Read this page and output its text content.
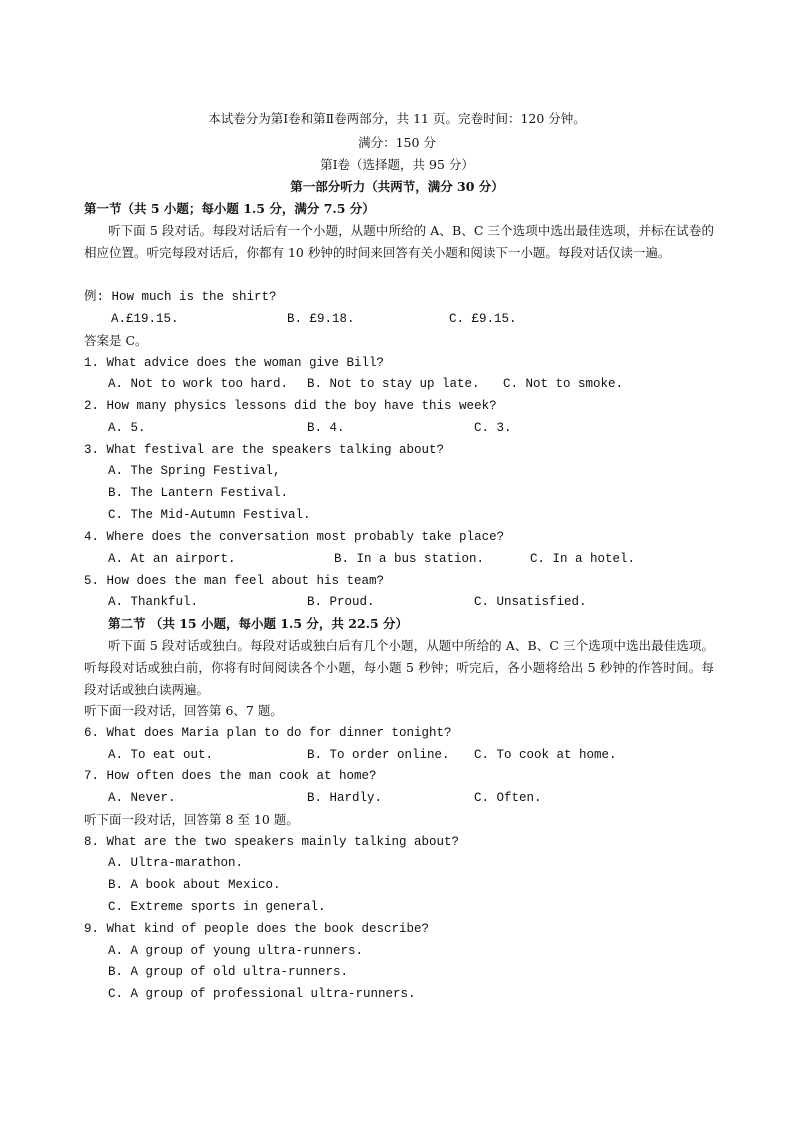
本试卷分为第Ⅰ卷和第Ⅱ卷两部分，共 11 页。完卷时间：120 分钟。
满分：150 分
第Ⅰ卷（选择题，共 95 分）
第一部分听力（共两节，满分 30 分）
第一节（共 5 小题；每小题 1.5 分，满分 7.5 分）
听下面 5 段对话。每段对话后有一个小题，从题中所给的 A、B、C 三个选项中选出最佳选项，并标在试卷的相应位置。听完每段对话后，你都有 10 秒钟的时间来回答有关小题和阅读下一小题。每段对话仅读一遍。
例: How much is the shirt?
A.£19.15.	B. £9.18.	C. £9.15.
答案是 C。
1. What advice does the woman give Bill?
A. Not to work too hard. B. Not to stay up late. C. Not to smoke.
2. How many physics lessons did the boy have this week?
A. 5.	B. 4.	C. 3.
3. What festival are the speakers talking about?
A. The Spring Festival,
B. The Lantern Festival.
C. The Mid-Autumn Festival.
4. Where does the conversation most probably take place?
A. At an airport.	B. In a bus station.	C. In a hotel.
5. How does the man feel about his team?
A. Thankful.	B. Proud.	C. Unsatisfied.
第二节 （共 15 小题，每小题 1.5 分，共 22.5 分）
听下面 5 段对话或独白。每段对话或独白后有几个小题，从题中所给的 A、B、C 三个选项中选出最佳选项。听每段对话或独白前，你将有时间阅读各个小题，每小题 5 秒钟；听完后，各小题将给出 5 秒钟的作答时间。每段对话或独白读两遍。
听下面一段对话，回答第 6、7 题。
6. What does Maria plan to do for dinner tonight?
A. To eat out.	B. To order online. C. To cook at home.
7. How often does the man cook at home?
A. Never.	B. Hardly.	C. Often.
听下面一段对话，回答第 8 至 10 题。
8. What are the two speakers mainly talking about?
A. Ultra-marathon.
B. A book about Mexico.
C. Extreme sports in general.
9. What kind of people does the book describe?
A. A group of young ultra-runners.
B. A group of old ultra-runners.
C. A group of professional ultra-runners.
